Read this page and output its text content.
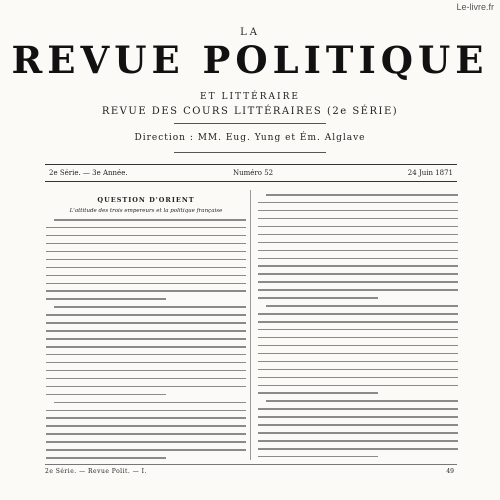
Le-livre.fr
LA
REVUE POLITIQUE
ET LITTÉRAIRE
REVUE DES COURS LITTÉRAIRES (2e SÉRIE)
Direction : MM. Eug. Yung et Ém. Alglave
2e Série. — 3e Année.	Numéro 52	24 Juin 1871
QUESTION D'ORIENT
L'attitude des trois empereurs et la politique française
2e Série. — Revue Polit. — I.	49
